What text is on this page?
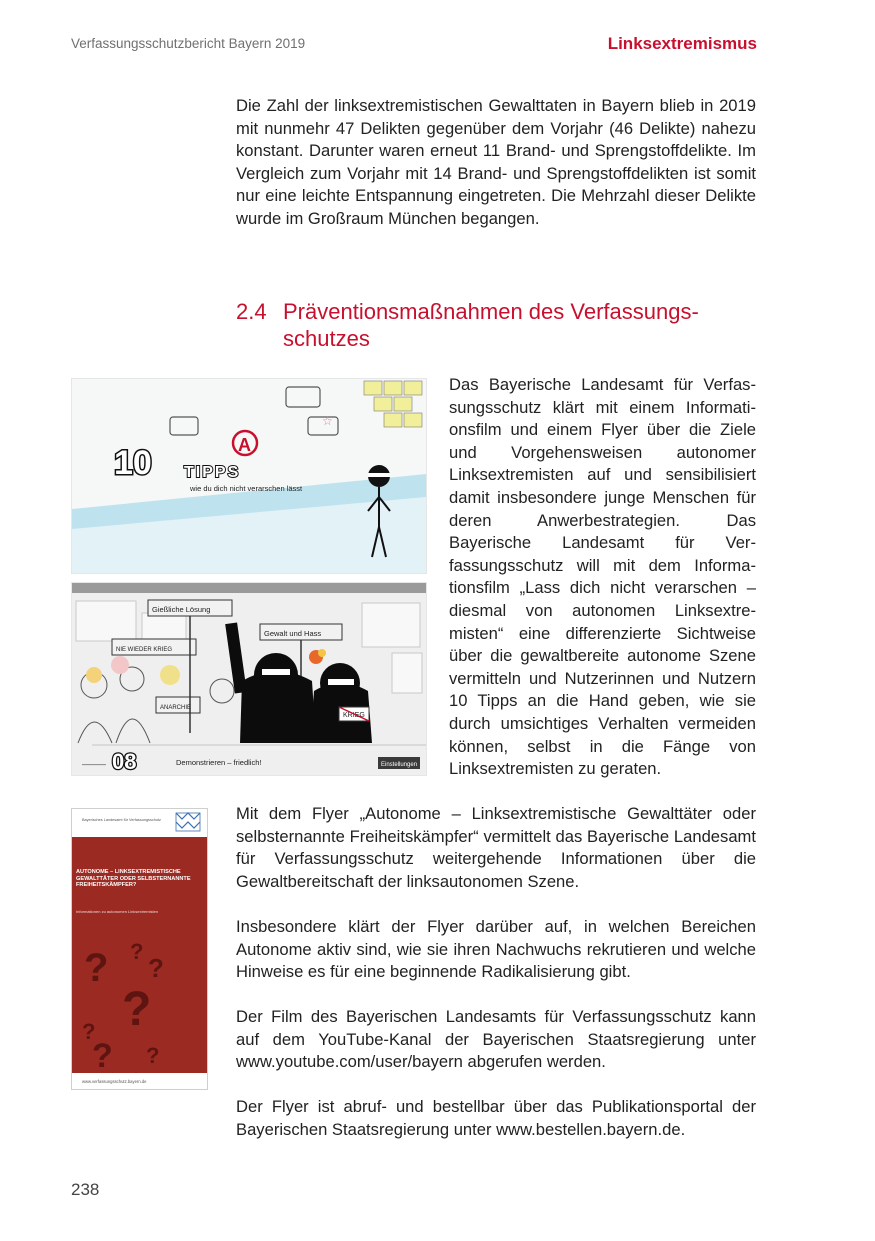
Verfassungsschutzbericht Bayern 2019	Linksextremismus

Die Zahl der linksextremistischen Gewalttaten in Bayern blieb in 2019 mit nunmehr 47 Delikten gegenüber dem Vorjahr (46 Delikte) nahezu konstant. Darunter waren erneut 11 Brand- und Sprengstoffdelikte. Im Vergleich zum Vorjahr mit 14 Brand- und Sprengstoffdelikten ist somit nur eine leichte Entspannung eingetreten. Die Mehrzahl dieser Delikte wurde im Großraum München begangen.

2.4 Präventionsmaßnahmen des Verfassungsschutzes
A
☆
10 TIPPS
wie du dich nicht verarschen lässt
Gießliche Lösung
Gewalt und Hass
NIE WIEDER KRIEG
ANARCHIE
KRIEG
——— 08	Demonstrieren – friedlich!	Einstellungen

Das Bayerische Landesamt für Verfassungsschutz klärt mit einem Informationsfilm und einem Flyer über die Ziele und Vorgehensweisen autonomer Linksextremisten auf und sensibilisiert damit insbesondere junge Menschen für deren Anwerbestrategien. Das Bayerische Landesamt für Verfassungsschutz will mit dem Informationsfilm „Lass dich nicht verarschen – diesmal von autonomen Linksextremisten“ eine differenzierte Sichtweise über die gewaltbereite autonome Szene vermitteln und Nutzerinnen und Nutzern 10 Tipps an die Hand geben, wie sie durch umsichtiges Verhalten vermeiden können, selbst in die Fänge von Linksextremisten zu geraten.

Bayerisches Landesamt für Verfassungsschutz
AUTONOME – LINKSEXTREMISTISCHE GEWALTTÄTER ODER SELBSTERNANNTE FREIHEITSKÄMPFER?
Informationen zu autonomen Linksextremisten
? ?
?
?
?
? ?
www.verfassungsschutz.bayern.de

Mit dem Flyer „Autonome – Linksextremistische Gewalttäter oder selbsternannte Freiheitskämpfer“ vermittelt das Bayerische Landesamt für Verfassungsschutz weitergehende Informationen über die Gewaltbereitschaft der linksautonomen Szene.

Insbesondere klärt der Flyer darüber auf, in welchen Bereichen Autonome aktiv sind, wie sie ihren Nachwuchs rekrutieren und welche Hinweise es für eine beginnende Radikalisierung gibt.

Der Film des Bayerischen Landesamts für Verfassungsschutz kann auf dem YouTube-Kanal der Bayerischen Staatsregierung unter www.youtube.com/user/bayern abgerufen werden.

Der Flyer ist abruf- und bestellbar über das Publikationsportal der Bayerischen Staatsregierung unter www.bestellen.bayern.de.

238
